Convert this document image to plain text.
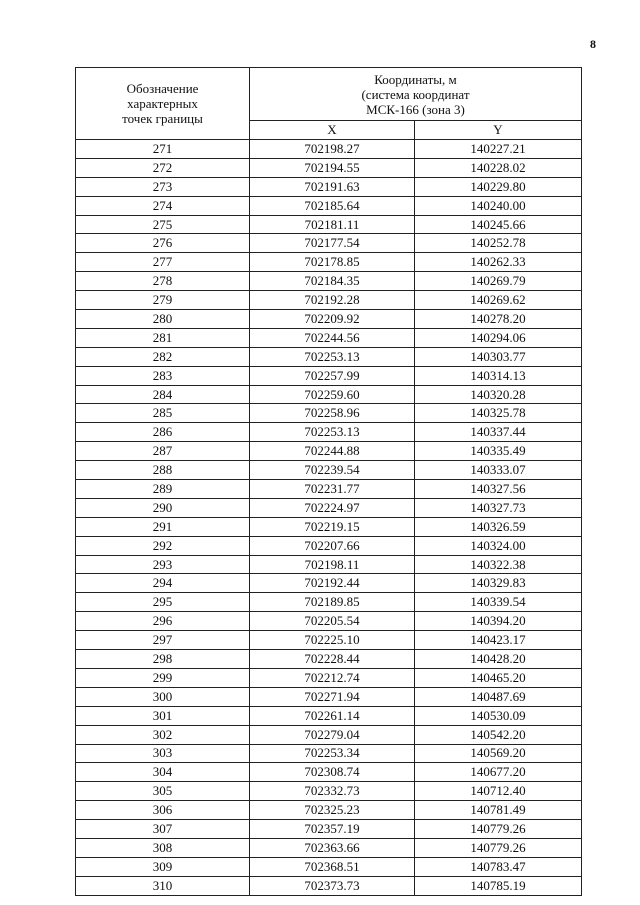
8
Обозначение
характерных
точек границы	Координаты, м
(система координат
МСК-166 (зона 3)	
	X	Y
271	702198.27	140227.21
272	702194.55	140228.02
273	702191.63	140229.80
274	702185.64	140240.00
275	702181.11	140245.66
276	702177.54	140252.78
277	702178.85	140262.33
278	702184.35	140269.79
279	702192.28	140269.62
280	702209.92	140278.20
281	702244.56	140294.06
282	702253.13	140303.77
283	702257.99	140314.13
284	702259.60	140320.28
285	702258.96	140325.78
286	702253.13	140337.44
287	702244.88	140335.49
288	702239.54	140333.07
289	702231.77	140327.56
290	702224.97	140327.73
291	702219.15	140326.59
292	702207.66	140324.00
293	702198.11	140322.38
294	702192.44	140329.83
295	702189.85	140339.54
296	702205.54	140394.20
297	702225.10	140423.17
298	702228.44	140428.20
299	702212.74	140465.20
300	702271.94	140487.69
301	702261.14	140530.09
302	702279.04	140542.20
303	702253.34	140569.20
304	702308.74	140677.20
305	702332.73	140712.40
306	702325.23	140781.49
307	702357.19	140779.26
308	702363.66	140779.26
309	702368.51	140783.47
310	702373.73	140785.19
